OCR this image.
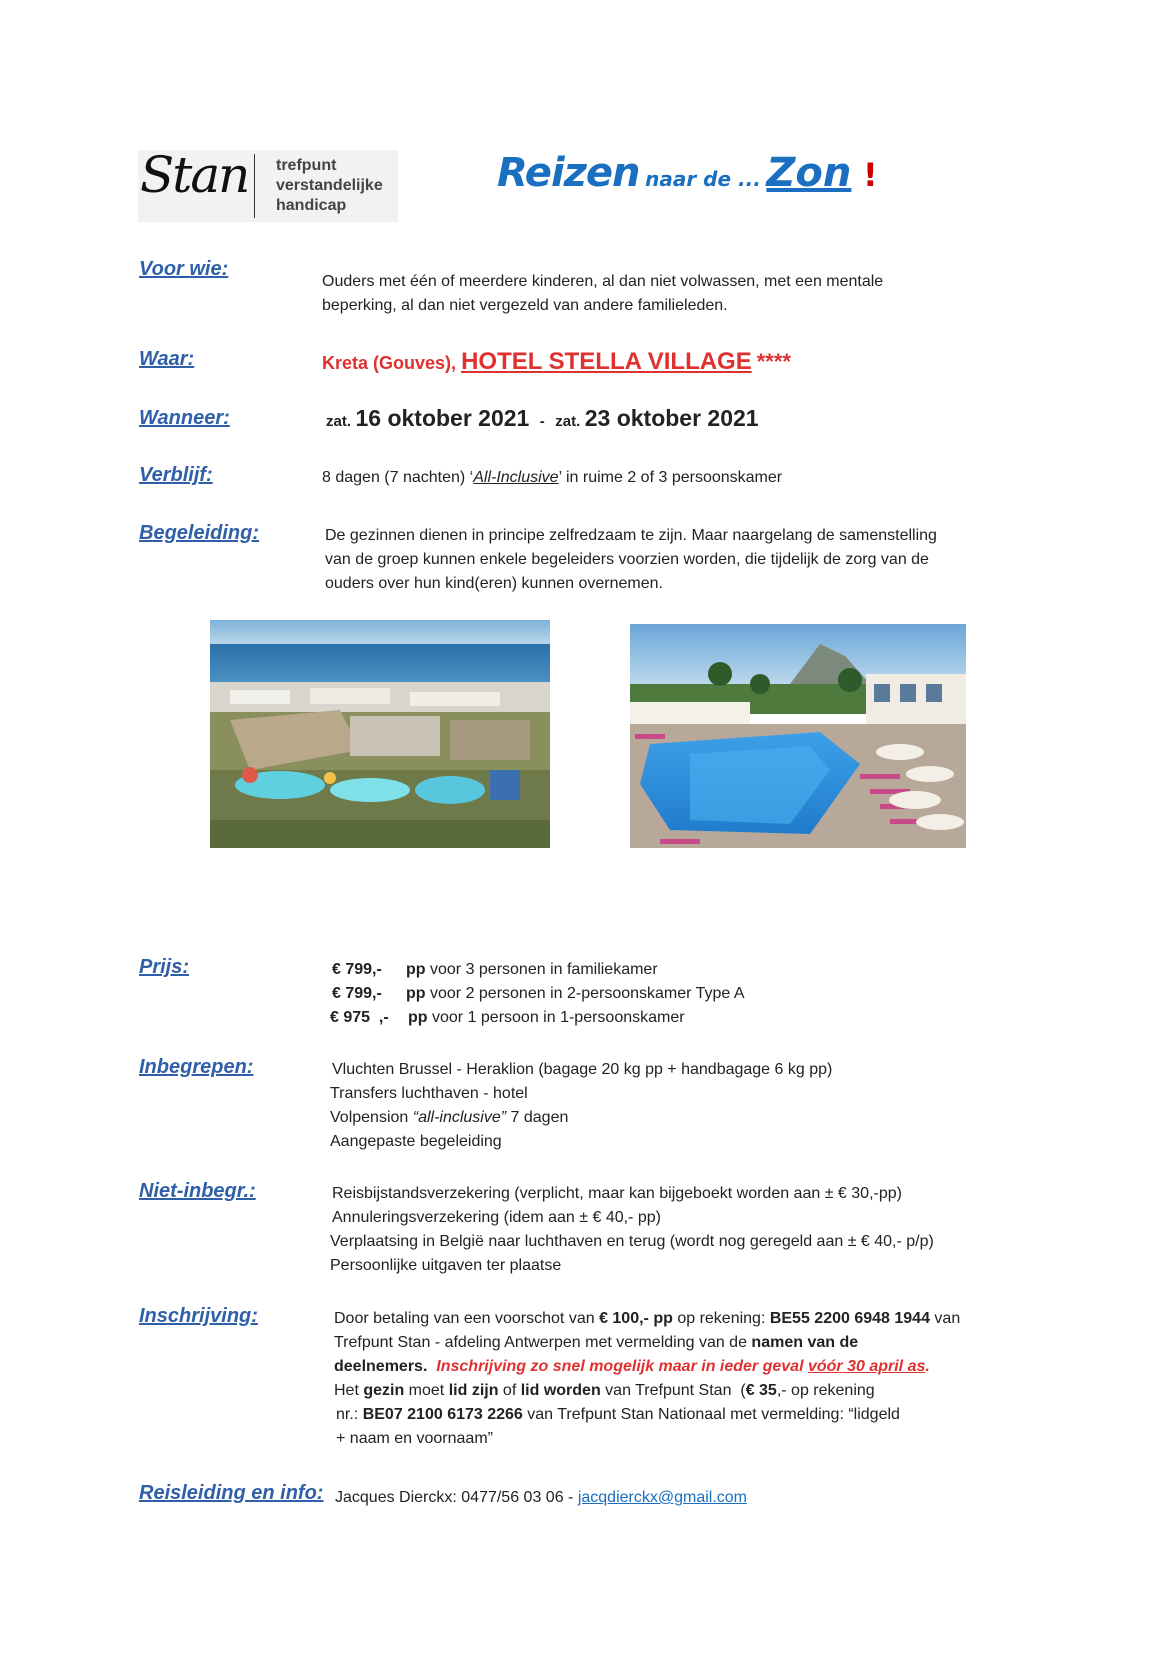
Stan trefpunt
verstandelijke
handicap
Reizen naar de ... Zon !
Voor wie:
Ouders met één of meerdere kinderen, al dan niet volwassen, met een mentale
beperking, al dan niet vergezeld van andere familieleden.
Waar:	Kreta (Gouves), HOTEL STELLA VILLAGE ****
Wanneer:	zat. 16 oktober 2021 - zat. 23 oktober 2021
Verblijf:	8 dagen (7 nachten) ‘All-Inclusive’ in ruime 2 of 3 persoonskamer
Begeleiding:	De gezinnen dienen in principe zelfredzaam te zijn. Maar naargelang de samenstelling
van de groep kunnen enkele begeleiders voorzien worden, die tijdelijk de zorg van de
ouders over hun kind(eren) kunnen overnemen.
Prijs:	€ 799,- pp voor 3 personen in familiekamer
€ 799,- pp voor 2 personen in 2-persoonskamer Type A
€ 975  ,- pp voor 1 persoon in 1-persoonskamer
Inbegrepen:	Vluchten Brussel - Heraklion (bagage 20 kg pp + handbagage 6 kg pp)
Transfers luchthaven - hotel
Volpension “all-inclusive” 7 dagen
Aangepaste begeleiding
Niet-inbegr.:	Reisbijstandsverzekering (verplicht, maar kan bijgeboekt worden aan ± € 30,-pp)
Annuleringsverzekering (idem aan ± € 40,- pp)
Verplaatsing in België naar luchthaven en terug (wordt nog geregeld aan ± € 40,- p/p)
Persoonlijke uitgaven ter plaatse
Inschrijving:	Door betaling van een voorschot van € 100,- pp op rekening: BE55 2200 6948 1944 van
Trefpunt Stan - afdeling Antwerpen met vermelding van de namen van de
deelnemers. Inschrijving zo snel mogelijk maar in ieder geval vóór 30 april as.
Het gezin moet lid zijn of lid worden van Trefpunt Stan  (€ 35,- op rekening
nr.: BE07 2100 6173 2266 van Trefpunt Stan Nationaal met vermelding: “lidgeld
+ naam en voornaam”
Reisleiding en info: Jacques Dierckx: 0477/56 03 06 - jacqdierckx@gmail.com
